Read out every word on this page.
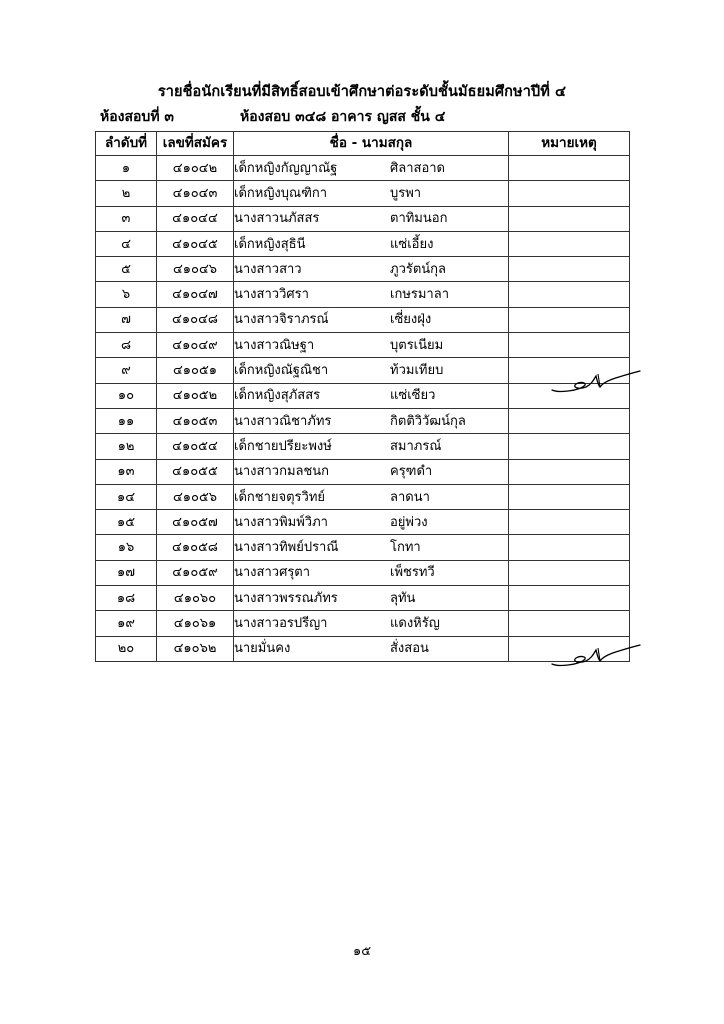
รายชื่อนักเรียนที่มีสิทธิ์สอบเข้าศึกษาต่อระดับชั้นมัธยมศึกษาปีที่ ๔
ห้องสอบที่ ๓	ห้องสอบ ๓๔๘ อาคาร ญสส ชั้น ๔
ลำดับที่	เลขที่สมัคร	ชื่อ - นามสกุล	หมายเหตุ
๑	๔๑๐๔๒	เด็กหญิงกัญญาณัฐ ศิลาสอาด	
๒	๔๑๐๔๓	เด็กหญิงบุณฑิกา บูรพา	
๓	๔๑๐๔๔	นางสาวนภัสสร ตาทิมนอก	
๔	๔๑๐๔๕	เด็กหญิงสุธินี แซ่เอี้ยง	
๕	๔๑๐๔๖	นางสาวสาว ภูวรัตน์กุล	
๖	๔๑๐๔๗	นางสาววิศรา เกษรมาลา	
๗	๔๑๐๔๘	นางสาวจิราภรณ์ เซี่ยงฝุ่ง	
๘	๔๑๐๔๙	นางสาวณิษฐา บุตรเนียม	
๙	๔๑๐๕๑	เด็กหญิงณัฐณิชา ท้วมเทียบ	
๑๐	๔๑๐๕๒	เด็กหญิงสุภัสสร แซ่เซียว	
๑๑	๔๑๐๕๓	นางสาวณิชาภัทร กิตติวิวัฒน์กุล	
๑๒	๔๑๐๕๔	เด็กชายปรียะพงษ์ สมาภรณ์	
๑๓	๔๑๐๕๕	นางสาวกมลชนก ครุฑดำ	
๑๔	๔๑๐๕๖	เด็กชายจตุรวิทย์ ลาดนา	
๑๕	๔๑๐๕๗	นางสาวพิมพ์วิภา อยู่พ่วง	
๑๖	๔๑๐๕๘	นางสาวทิพย์ปราณี โกทา	
๑๗	๔๑๐๕๙	นางสาวศรุตา เพ็ชรทวี	
๑๘	๔๑๐๖๐	นางสาวพรรณภัทร ลุทัน	
๑๙	๔๑๐๖๑	นางสาวอรปรีญา แดงหิรัญ	
๒๐	๔๑๐๖๒	นายมั่นคง สั่งสอน	
๑๕
